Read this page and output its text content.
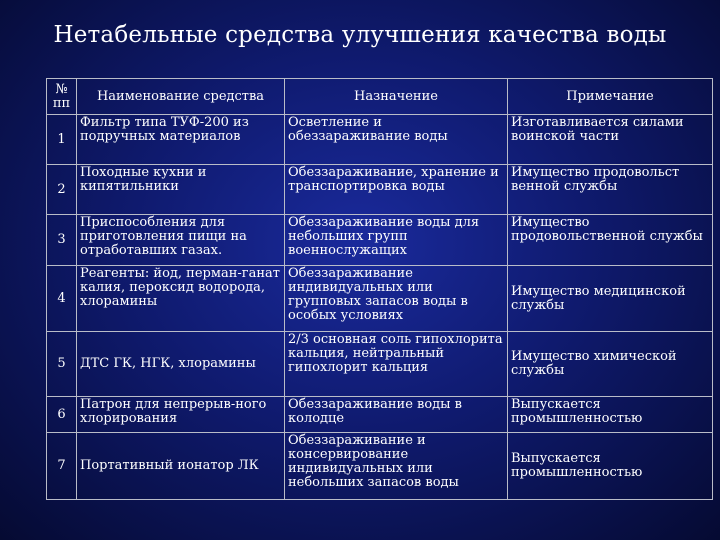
Нетабельные средства улучшения качества воды
№ пп	Наименование средства	Назначение	Примечание
1	Фильтр типа ТУФ-200 из подручных материалов	Осветление и обеззараживание воды	Изготавливается силами воинской части
2	Походные кухни и кипятильники	Обеззараживание, хранение и транспортировка воды	Имущество продовольст венной службы
3	Приспособления для приготовления пищи на отработавших газах.	Обеззараживание воды для небольших групп военнослужащих	Имущество продовольственной службы
4	Реагенты: йод, перман-ганат калия, пероксид водорода, хлорамины	Обеззараживание индивидуальных или групповых запасов воды в особых условиях	Имущество медицинской службы
5	ДТС ГК, НГК, хлорамины	2/3 основная соль гипохлорита кальция, нейтральный гипохлорит кальция	Имущество химической службы
6	Патрон для непрерыв-ного хлорирования	Обеззараживание воды в колодце	Выпускается промышленностью
7	Портативный ионатор ЛК	Обеззараживание и консервирование индивидуальных или небольших запасов воды	Выпускается промышленностью
